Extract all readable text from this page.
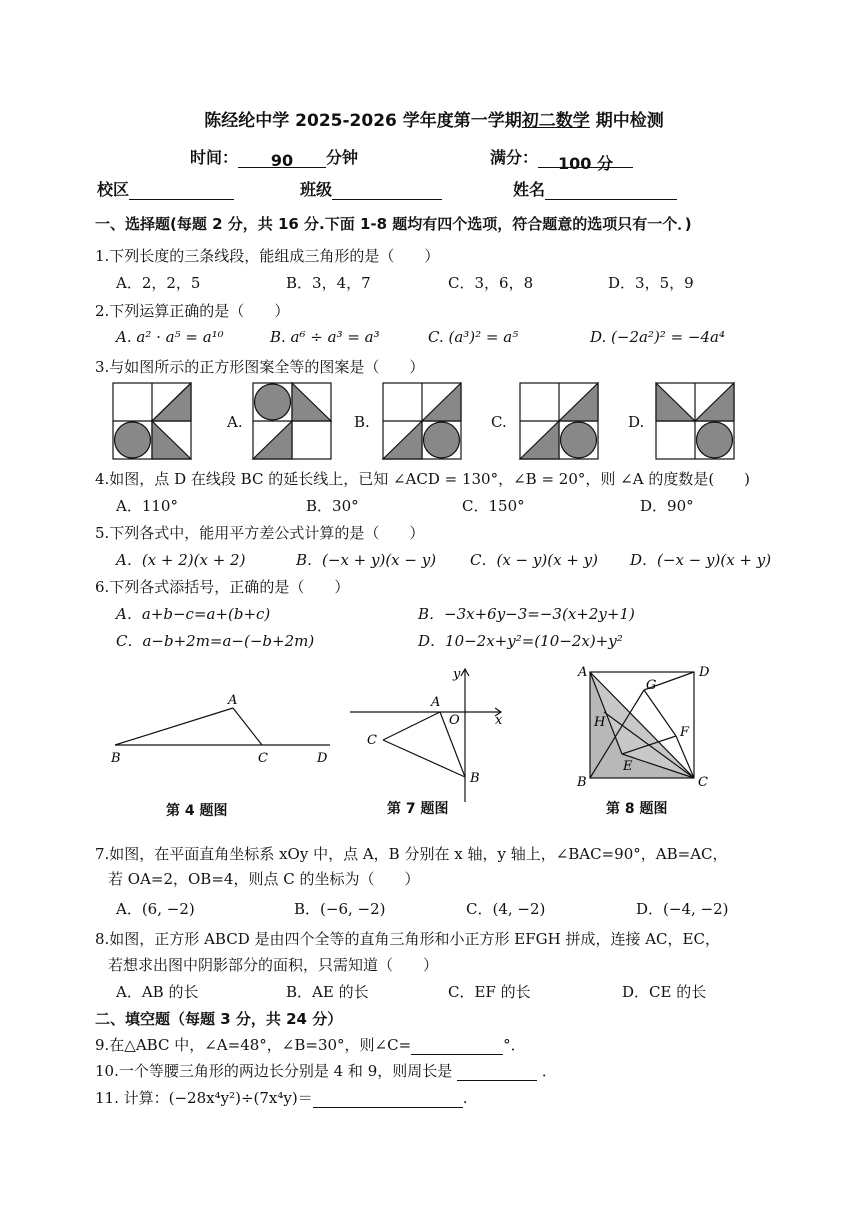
陈经纶中学 2025-2026 学年度第一学期初二数学 期中检测
时间： 90 分钟	满分： 100 分
校区	班级	姓名
一、选择题(每题 2 分，共 16 分.下面 1-8 题均有四个选项，符合题意的选项只有一个．)
1.下列长度的三条线段，能组成三角形的是（　　）
A．2，2，5	B．3，4，7	C．3，6，8	D．3，5，9
2.下列运算正确的是（　　）
A. a² · a⁵ = a¹⁰	B. a⁶ ÷ a³ = a³	C. (a³)² = a⁵	D. (−2a²)² = −4a⁴
3.与如图所示的正方形图案全等的图案是（　　）
A.	B.	C.	D.
4.如图，点 D 在线段 BC 的延长线上，已知 ∠ACD = 130°，∠B = 20°，则 ∠A 的度数是(　　)
A．110°	B．30°	C．150°	D．90°
5.下列各式中，能用平方差公式计算的是（　　）
A．(x + 2)(x + 2)	B．(−x + y)(x − y) C．(x − y)(x + y) D．(−x − y)(x + y)
6.下列各式添括号，正确的是（　　）
A．a+b−c=a+(b+c)	B．−3x+6y−3=−3(x+2y+1)
C．a−b+2m=a−(−b+2m)	D．10−2x+y²=(10−2x)+y²
A
B	C	D
y
A
O	x
C
B
A	D
G
H
F
E
B	C
第 4 题图	第 7 题图	第 8 题图
7.如图，在平面直角坐标系 xOy 中，点 A，B 分别在 x 轴，y 轴上，∠BAC=90°，AB=AC，
若 OA=2，OB=4，则点 C 的坐标为（　　）
A．(6, −2)	B．(−6, −2)	C．(4, −2)	D．(−4, −2)
8.如图，正方形 ABCD 是由四个全等的直角三角形和小正方形 EFGH 拼成，连接 AC，EC，
若想求出图中阴影部分的面积，只需知道（　　）
A．AB 的长	B．AE 的长	C．EF 的长	D．CE 的长
二、填空题（每题 3 分，共 24 分）
9.在△ABC 中，∠A=48°，∠B=30°，则∠C=	°．
10.一个等腰三角形的两边长分别是 4 和 9，则周长是	．
11. 计算：(−28x⁴y²)÷(7x⁴y)＝	.
